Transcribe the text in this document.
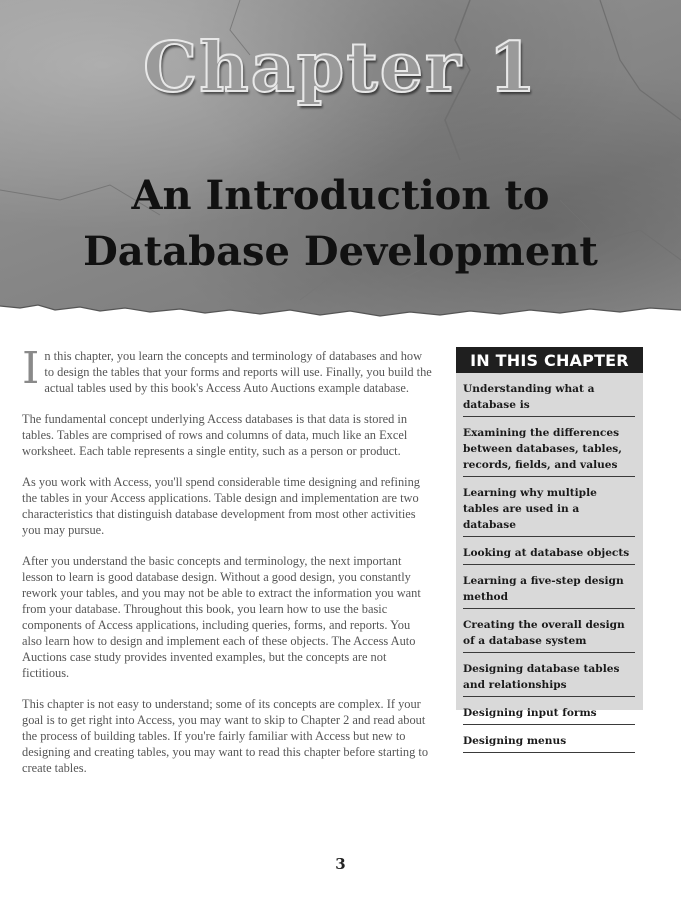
Chapter 1
An Introduction to
Database Development

In this chapter, you learn the concepts and terminology of databases and how to design the tables that your forms and reports will use. Finally, you build the actual tables used by this book's Access Auto Auctions example database.

The fundamental concept underlying Access databases is that data is stored in tables. Tables are comprised of rows and columns of data, much like an Excel worksheet. Each table represents a single entity, such as a person or product.

As you work with Access, you'll spend considerable time designing and refining the tables in your Access applications. Table design and implementation are two characteristics that distinguish database development from most other activities you may pursue.

After you understand the basic concepts and terminology, the next important lesson to learn is good database design. Without a good design, you constantly rework your tables, and you may not be able to extract the information you want from your database. Throughout this book, you learn how to use the basic components of Access applications, including queries, forms, and reports. You also learn how to design and implement each of these objects. The Access Auto Auctions case study provides invented examples, but the concepts are not fictitious.

This chapter is not easy to understand; some of its concepts are complex. If your goal is to get right into Access, you may want to skip to Chapter 2 and read about the process of building tables. If you're fairly familiar with Access but new to designing and creating tables, you may want to read this chapter before starting to create tables.

IN THIS CHAPTER
Understanding what a database is
Examining the differences between databases, tables, records, fields, and values
Learning why multiple tables are used in a database
Looking at database objects
Learning a five-step design method
Creating the overall design of a database system
Designing database tables and relationships
Designing input forms
Designing menus
3
